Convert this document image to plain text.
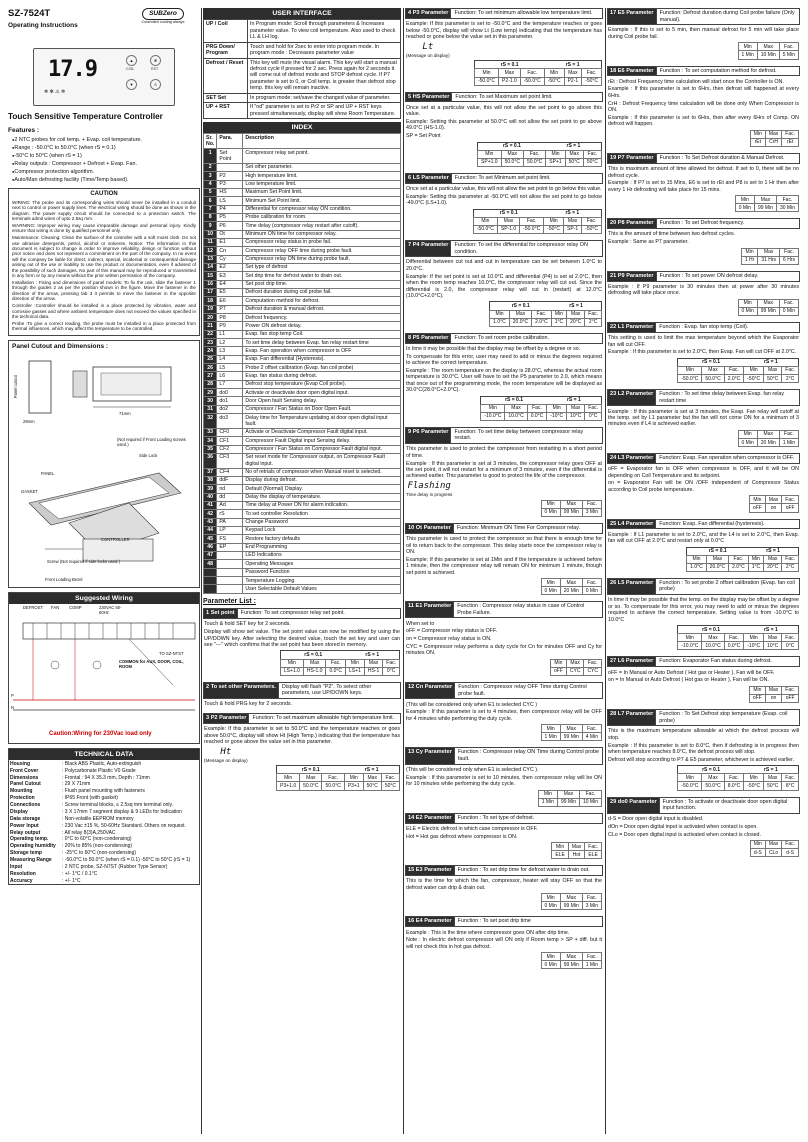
SZ-7524T
Operating Instructions
SUBZero
Controlled cooling always
17.9	▲
COIL
✻
RST
▼	S
❄ ✻ ⚠ ✲
Touch Sensitive Temperature Controller
Features :
● 2 NTC probes for coil temp. + Evap. coil temperature.
● Range : -50.0°C to 50.0°C (when rS = 0.1)
● -50°C to 50°C (when rS = 1)
● Relay outputs : Compressor + Defrost + Evap. Fan.
● Compressor protection algorithm.
● Auto/Man defrosting facility (Time/Temp based).
CAUTION

WIRING: The probe and its corresponding wires should never be installed in a conduit next to control or power supply lines. The electrical wiring should be done as shown in the diagram. The power supply circuit should be connected to a protection switch. The terminals admit wires of upto 2.5sq mm.

WARNING: Improper wiring may cause irreparable damage and personal injury. Kindly ensure that wiring is done by qualified personnel only.

Maintenance: Cleaning: Clean the surface of the controller with a soft moist cloth. Do not use abrasive detergents, petrol, alcohol or solvents. Notice: The information in this document is subject to change in order to improve reliability, design or function without prior notice and does not represent a commitment on the part of the company. In no event will the company be liable for direct, indirect, special, incidental or consequential damage arising out of the use or inability to use the product or documentation, even if advised of the possibility of such damages. No part of this manual may be reproduced or transmitted in any form or by any means without the prior written permission of the company.

Installation : Fixing and dimensions of panel models: To fix the unit, slide the fastener 1 through the guides 2 as per the position shown in the figure. Move the fastener in the direction of the arrow, pressing tab 3 it permits to move the fastener in the opposite direction of the arrow.

Controller :Controller should be installed in a place protected by vibration, water and corrosive gasses and where ambient temperature does not exceed the values specified in the technical data.

Probe :To give a correct reading, the probe must be installed in a place protected from thermal influences, which may affect the temperature to be controlled.

Panel Cutout and Dimensions :
29mm
71mm
Panel cutout
(Not required if Front Loading screws used.)
Side Lock
PANEL
GASKET
CONTROLLER
Screw (Not required if side locks used.)
Front Loading Bezel
Suggested Wiring
DEFROST FAN COMP	230VAC 50-60Hz
COMMON for AUX, DOOR, COIL, ROOM
TO SZ-NTST
P
N
Caution:Wiring for 230Vac load only
TECHNICAL DATA
Housing	: Black ABS Plastic, Auto-extinguish
Front Cover	: Polycarbonate Plastic V0 Grade
Dimensions	: Frontal : 94 X 35.3 mm, Depth : 71mm
Panel Cutout	: 29 X 71mm
Mounting	: Flush panel mounting with fasteners
Protection	: IP65 Front (with gasket)
Connections	: Screw terminal blocks, ≤ 2.5sq mm terminal only.
Display	: 3 X 17mm 7 segment display & 9 LEDs for Indication
Data storage	: Non-volatile EEPROM memory
Power Input	: 230 Vac ±15 %, 50-60Hz Standard. Others on request.
Relay output	: All relay 8(3)A,250VAC
Operating temp.	: 0°C to 60°C (non-condensing)
Operating humidity	: 20% to 85% (non-condensing)
Storage temp	: -25°C to 60°C (non-condensing)
Measuring Range	: -50.0°C to 50.0°C (when rS = 0.1) -50°C to 50°C (rS = 1)
Input	: 2 NTC probe, SZ-N7ST (Rubber Type Sensor)
Resolution	: +/- 1°C / 0.1°C
Accuracy	: +/- 1°C
USER INTERFACE
UP / Coil	In Program mode: Scroll through parameters & Increases parameter value. To view coil temperature. Also used to check LL & LH log.
PRG Down/ Program	Touch and hold for 2sec to enter into program mode. In program mode : Decreases parameter value
Defrost / Reset	This key will mute the visual alarm. This key will start a manual defrost cycle if pressed for 2 sec. Press again for 2 seconds it will come out of defrost mode and STOP defrost cycle. If P7 parameter is set to 0, or Coil temp. is greater than defrost stop temp. this key will remain inactive.
SET Set	In program mode: set/save the changed value of parameter.
UP + RST	If "nd" parameter is set to Pr2 or SP and UP + RST keys pressed simultaneously, display will show Room Temperature.
INDEX
Sr. No.	Para.	Description
1	Set Point	Compressor relay set point.
2		Set other parameter.
3	P2	High temperature limit.
4	P3	Low temperature limit.
5	HS	Maximum Set Point limit.
6	LS	Minimum Set Point limit.
7	P4	Differential for compressor relay ON condition.
8	P5	Probe calibration for room.
9	P6	Time delay (compressor relay restart after cutoff).
10	Ot	Minimum ON time for compressor relay.
11	E1	Compressor relay status in probe fail.
12	Cn	Compressor relay OFF time during probe fault.
13	Cy	Compressor relay ON time during probe fault.
14	E2	Set type of defrost
15	E3	Set drip time for defrost water to drain out.
16	E4	Set post drip time.
17	E5	Defrost duration during coil probe fail.
18	E6	Computation method for defrost.
19	P7	Defrost duration & manual defrost.
20	P8	Defrost frequency.
21	P9	Power ON defrost delay.
22	L1	Evap. fan stop temp Coil.
23	L2	To set time delay between Evap. fan relay restart time
24	L3	Evap. Fan operation when compressor is OFF
25	L4	Evap. Fan differential (Hysteresis).
26	L5	Probe 2 offset calibration (Evap. fan coil probe)
27	L6	Evap. fan status during defrost.
28	L7	Defrost stop temperature (Evap Coil probe).
29	do0	Activate or deactivate door open digital input.
30	do1	Door Open fault Sensing delay.
31	do2	Compressor / Fan Status on Door Open Fault.
32	do3	Delay time for Temperature updating at door open digital input fault.
33	CF0	Activate or Deactivate Compressor Fault digital input.
34	CF1	Compressor Fault Digital input Sensing delay.
35	CF2	Compressor / Fan Status on Compressor Fault digital input.
36	CF3	Set reset mode for Compressor output, on Compressor Fault digital input.
37	CF4	No of retrials of compressor when Manual reset is selected.
38	ddF	Display during defrost.
39	nd	Default (Normal) Display.
40	dd	Delay the display of temperature.
41	Ad	Time delay at Power ON for alarm indication.
42	rS	To set controller Resolution
43	PA	Change Password
44	LP	Keypad Lock
45	FS	Restore factory defaults
46	EP	End Programming
47		LED Indications
48		Operating Messages
		Password Function
		Temperature Logging
		User Selectable Default Values
Parameter List :
1 Set point	Function: To set compressor relay set point.

Touch & hold SET key for 2 seconds.

Display will show set value. The set point value can now be modified by using the UP/DOWN key. After selecting the desired value, touch the set key and user can see "---" which confirms that the set point has been stored in memory.

rS = 0.1			rS = 1		
Min	Max	Fac.	Min	Max	Fac.
LS+1.0	HS-1.0	0.0°C	LS+1	HS-1	0°C
2 To set other Parameters.	Display will flash "P2". To select other parameters, use UP/DOWN keys.

Touch & hold PRG key for 2 seconds.

3 P2 Parameter	Function: To set maximum allowable high temperature limit.

Example: If this parameter is set to 50.0°C and the temperature reaches or goes above 50.0°C, display will show Ht (High Temp.) indicating that the temperature has reached or gone above the value set in this parameter.

Ht
(Message on display)
rS = 0.1			rS = 1		
Min	Max	Fac.	Min	Max	Fac.
P3+1.0	50.0°C	50.0°C	P3+1	50°C	50°C
4 P3 Parameter	Function: To set minimum allowable low temperature limit.

Example: If this parameter is set to -50.0°C and the temperature reaches or goes below -50.0°C, display will show Lt (Low temp) indicating that the temperature has reached or gone below the value set in this parameter.

Lt
(Message on display)
rS = 0.1			rS = 1		
Min	Max	Fac.	Min	Max	Fac.
-50.0°C	P2-1.0	-50.0°C	-50°C	P2-1	-50°C
5 HS Parameter	Function: To set Maximum set point limit.

Once set at a particular value, this will not allow the set point to go above this value.

Example: Setting this parameter at 50.0°C will not allow the set point to go above 49.0°C (HS-1.0).

SP = Set Point
rS = 0.1			rS = 1		
Min	Max	Fac.	Min	Max	Fac.
SP+1.0	50.0°C	50.0°C	SP+1	50°C	50°C
6 LS Parameter	Function: To set Minimum set point limit.

Once set at a particular value, this will not allow the set point to go below this value.

Example: Setting this parameter at -50.0°C will not allow the set point to go below -49.0°C (LS+1.0).

rS = 0.1			rS = 1		
Min	Max	Fac.	Min	Max	Fac.
-50.0°C	SP-1.0	-50.0°C	-50°C	SP-1	-50°C
7 P4 Parameter	Function: To set the differential for compressor relay ON condition.

Differential between cut out and cut in temperature can be set between 1.0°C to 20.0°C.

Example: If the set point is set at 10.0°C and differential (P4) is set at 2.0°C, then when the room temp reaches 10.0°C, the compressor relay will cut out. Since the differential is 2.0, the compressor relay will cut in (restart) at 12.0°C (10.0°C+2.0°C).

rS = 0.1			rS = 1		
Min	Max	Fac.	Min	Max	Fac.
1.0°C	20.0°C	2.0°C	1°C	20°C	2°C
8 P5 Parameter	Function: To set room probe calibration.

In time it may be possible that the display may be offset by a degree or so.

To compensate for this error, user may need to add or minus the degrees required to achieve the correct temperature.

Example : The room temperature on the display is 28.0°C, whereas the actual room temperature is 30.0°C. User will have to set the P5 parameter to 2.0, which means that once out of the programming mode, the room temperature will be displayed as 30.0°C(28.0°C+2.0°C).

rS = 0.1			rS = 1		
Min	Max	Fac.	Min	Max	Fac.
-10.0°C	10.0°C	0.0°C	-10°C	10°C	0°C
9 P6 Parameter	Function: To set time delay between compressor relay restart.

This parameter is used to protect the compressor from restarting in a short period of time.

Example : If this parameter is set at 3 minutes, the compressor relay goes OFF at the set point, it will not restart for a minimum of 3 minutes, even if the differential is achieved earlier. This parameter is good to protect the life of the compressor.

Flashing
Time delay in progress
Min	Max	Fac.
0 Min	99 Min	3 Min
10 Ot Parameter	Function: Minimum ON Time For Compressor relay.

This parameter is used to protect the compressor so that there is enough time for oil to return back to the compressor. This delay starts once the compressor relay is ON.

Example: If this parameter is set at 1Min and if the temperature is achieved before 1 minute, then the compressor relay will remain ON for minimum 1 minute, though set point is achieved.

Min	Max	Fac.
0 Min	20 Min	0 Min
11 E1 Parameter	Function : Compressor relay status in case of Control Probe Failure.

When set to

oFF = Compressor relay status is OFF.

on = Compressor relay status is ON.

CYC = Compressor relay performs a duty cycle for Cn for minutes OFF and Cy for minutes ON.

Min	Max	Fac.
oFF	CYC	CYC
12 Cn Parameter	Function : Compressor relay OFF Time during Control probe fault.

(This will be considered only when E1 is selected CYC )

Example : If this parameter is set to 4 minutes, then compressor relay will be OFF for 4 minutes while performing the duty cycle.

Min	Max	Fac.
1 Min	99 Min	4 Min
13 Cy Parameter	Function : Compressor relay ON Time during Control probe fault.

(This will be considered only when E1 is selected CYC ).

Example : If this parameter is set to 10 minutes, then compressor relay will be ON for 10 minutes while performing the duty cycle.

Min	Max	Fac.
1 Min	99 Min	10 Min
14 E2 Parameter	Function : To set type of defrost.

ELE = Electric defrost in which case compressor is OFF.

Hot = Hot gas defrost where compressor is ON.

Min	Max	Fac.
ELE	Hot	ELE
15 E3 Parameter	Function : To set drip time for defrost water to drain out.

This is the time for which the fan, compressor, heater will stay OFF so that the defrost water can drip & drain out.

Min	Max	Fac.
0 Min	99 Min	3 Min
16 E4 Parameter	Function : To set post drip time

Example : This is the time where compressor goes ON after drip time.

Note : In electric defrost compressor will ON only if Room temp > SP + diff. but it will not check this in hot gas defrost.

Min	Max	Fac.
0 Min	99 Min	1 Min
17 E5 Parameter	Function: Defrost duration during Coil probe failure (Only manual).

Example : If this is set to 5 min, then manual defrost for 5 min will take place during Coil probe fail.

Min	Max	Fac.
1 Min	10 Min	5 Min
18 E6 Parameter	Function : To set computation method for defrost.

rEt : Defrost Frequency time calculation will start once the Controller is ON.

Example : If this parameter is set to 6Hrs, then defrost will happened at every 6Hrs.

CrH : Defrost Frequency time calculation will be done only When Compressor is ON.

Example : If this parameter is set to 6Hrs, then after every 6Hrs of Comp. ON defrost will happen.

Min	Max	Fac.
rEt	CrH	rEt
19 P7 Parameter	Function : To Set Defrost duration & Manual Defrost.

This is maximum amount of time allowed for defrost. If set to 0, there will be no defrost cycle.

Example : If P7 is set to 15 Mins, E6 is set to rEt and P8 is set to 1 Hr then after every 1 Hr defrosting will take place for 15 mins.

Min	Max	Fac.
0 Min	99 Min	30 Min
20 P8 Parameter	Function : To set Defrost frequency.

This is the amount of time between two defrost cycles.

Example : Same as P7 parameter.

Min	Max	Fac.
1 Hr	31 Hrs	6 Hrs
21 P9 Parameter	Function : To set power ON defrost delay.

Example : If P9 parameter is 30 minutes then at power after 30 minutes defrosting will take place once.

Min	Max	Fac.
0 Min	99 Min	0 Min
22 L1 Parameter	Function : Evap. fan stop temp (Coil).

This setting is used to limit the max temperature beyond which the Evaporator fan will cut OFF.

Example : If this parameter is set to 2.0°C, then Evap. Fan will cut OFF at 2.0°C.

rS = 0.1			rS = 1		
Min	Max	Fac.	Min	Max	Fac.
-50.0°C	50.0°C	2.0°C	-50°C	50°C	2°C
23 L2 Parameter	Function : To set time delay between Evap. fan relay restart time

Example : If this parameter is set at 3 minutes, the Evap. Fan relay will cutoff at the temp. set by L1 parameter but the fan will not come ON for a minimum of 3 minutes even if L4 is achieved earlier.

Min	Max	Fac.
0 Min	20 Min	1 Min
24 L3 Parameter	Function: Evap. Fan operation when compressor is OFF.

oFF = Evaporator fan is OFF when compressor is OFF, and it will be ON depending on Coil Temperature and its setpoint.

on = Evaporator Fan will be ON /OFF independent of Compressor Status according to Coil probe temperature.

Min	Max	Fac.
oFF	on	oFF
25 L4 Parameter	Function: Evap. Fan differential (hysteresis).

Example : If L1 parameter is set to 2.0°C, and the L4 is set to 2.0°C, then Evap. fan will cut OFF at 2.0°C and restart only at 0.0°C

rS = 0.1			rS = 1		
Min	Max	Fac.	Min	Max	Fac.
1.0°C	20.0°C	2.0°C	1°C	20°C	2°C
26 L5 Parameter	Function : To set probe 2 offset calibration (Evap. fan coil probe)

In time it may be possible that the temp. on the display may be offset by a degree or so. To compensate for this error, you may need to add or minus the degrees required to achieve the correct temperature. Setting value is from -10.0°C to 10.0°C

rS = 0.1			rS = 1		
Min	Max	Fac.	Min	Max	Fac.
-10.0°C	10.0°C	0.0°C	-10°C	10°C	0°C
27 L6 Parameter	Function: Evaporator Fan status during defrost.

oFF = In Manual or Auto Defrost ( Hot gas or Heater ), Fan will be OFF.

on = In Manual or Auto Defrost ( Hot gas or Heater ), Fan will be ON.

Min	Max	Fac.
oFF	on	oFF
28 L7 Parameter	Function : To Set Defrost stop temperature (Evap. coil probe)

This is the maximum temperature allowable at which the defrost process will stop.

Example : If this parameter is set to 8.0°C, then if defrosting is in progress then when temperature reaches 8.0°C, the defrost process will stop.

Defrost will stop according to P7 & E5 parameter, whichever is achieved earlier.

rS = 0.1			rS = 1		
Min	Max	Fac.	Min	Max	Fac.
-50.0°C	50.0°C	8.0°C	-50°C	50°C	8°C
29 do0 Parameter	Function : To activate or deactivate door open digital input function.

d-S = Door open digital input is disabled.

dOn = Door open digital input is activated when contact is open.

CLo = Door open digital input is activated when contact is closed.

Min	Max	Fac.
d-S	CLo	d-S
